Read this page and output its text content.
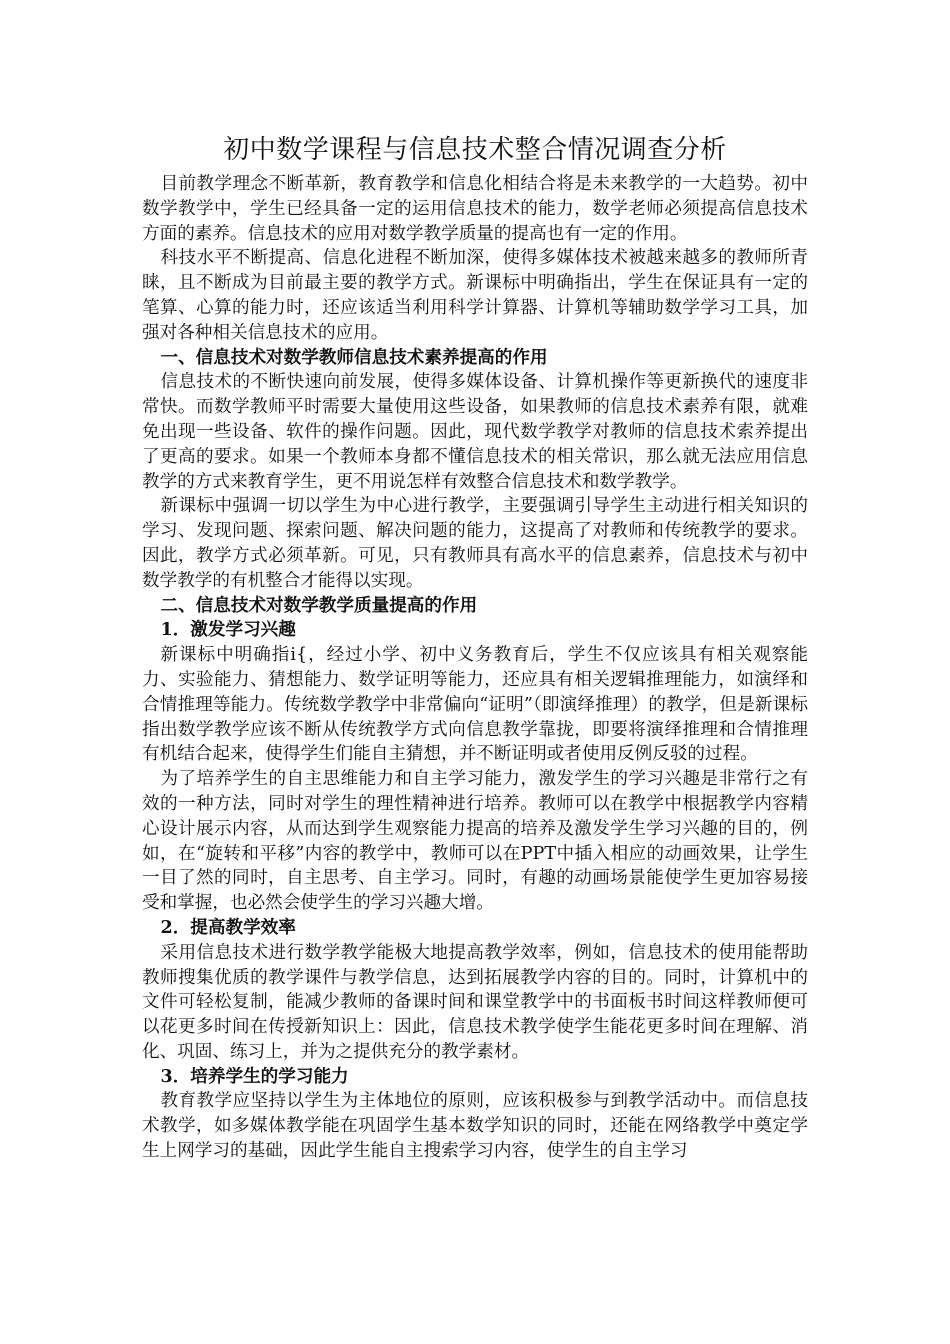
初中数学课程与信息技术整合情况调查分析

目前教学理念不断革新，教育教学和信息化相结合将是未来教学的一大趋势。初中数学教学中，学生已经具备一定的运用信息技术的能力，数学老师必须提高信息技术方面的素养。信息技术的应用对数学教学质量的提高也有一定的作用。

科技水平不断提高、信息化进程不断加深，使得多媒体技术被越来越多的教师所青睐，且不断成为目前最主要的教学方式。新课标中明确指出，学生在保证具有一定的笔算、心算的能力时，还应该适当利用科学计算器、计算机等辅助数学学习工具，加强对各种相关信息技术的应用。

一、信息技术对数学教师信息技术素养提高的作用

信息技术的不断快速向前发展，使得多媒体设备、计算机操作等更新换代的速度非常快。而数学教师平时需要大量使用这些设备，如果教师的信息技术素养有限，就难免出现一些设备、软件的操作问题。因此，现代数学教学对教师的信息技术索养提出了更高的要求。如果一个教师本身都不懂信息技术的相关常识，那么就无法应用信息教学的方式来教育学生，更不用说怎样有效整合信息技术和数学教学。

新课标中强调一切以学生为中心进行教学，主要强调引导学生主动进行相关知识的学习、发现问题、探索问题、解决问题的能力，这提高了对教师和传统教学的要求。因此，教学方式必须革新。可见，只有教师具有高水平的信息素养，信息技术与初中数学教学的有机整合才能得以实现。

二、信息技术对数学教学质量提高的作用
1．激发学习兴趣

新课标中明确指i{，经过小学、初中义务教育后，学生不仅应该具有相关观察能力、实验能力、猜想能力、数学证明等能力，还应具有相关逻辑推理能力，如演绎和合情推理等能力。传统数学教学中非常偏向“证明”（即演绎推理）的教学，但是新课标指出数学教学应该不断从传统教学方式向信息教学靠拢，即要将演绎推理和合情推理有机结合起来，使得学生们能自主猜想，并不断证明或者使用反例反驳的过程。

为了培养学生的自主思维能力和自主学习能力，激发学生的学习兴趣是非常行之有效的一种方法，同时对学生的理性精神进行培养。教师可以在教学中根据教学内容精心设计展示内容，从而达到学生观察能力提高的培养及激发学生学习兴趣的目的，例如，在“旋转和平移”内容的教学中，教师可以在PPT中插入相应的动画效果，让学生一目了然的同时，自主思考、自主学习。同时，有趣的动画场景能使学生更加容易接受和掌握，也必然会使学生的学习兴趣大增。

2．提高教学效率

采用信息技术进行数学教学能极大地提高教学效率，例如，信息技术的使用能帮助教师搜集优质的教学课件与教学信息，达到拓展教学内容的目的。同时，计算机中的文件可轻松复制，能减少教师的备课时间和课堂教学中的书面板书时间这样教师便可以花更多时间在传授新知识上：因此，信息技术教学使学生能花更多时间在理解、消化、巩固、练习上，并为之提供充分的教学素材。

3．培养学生的学习能力

教育教学应坚持以学生为主体地位的原则，应该积极参与到教学活动中。而信息技术教学，如多媒体教学能在巩固学生基本数学知识的同时，还能在网络教学中奠定学生上网学习的基础，因此学生能自主搜索学习内容，使学生的自主学习
